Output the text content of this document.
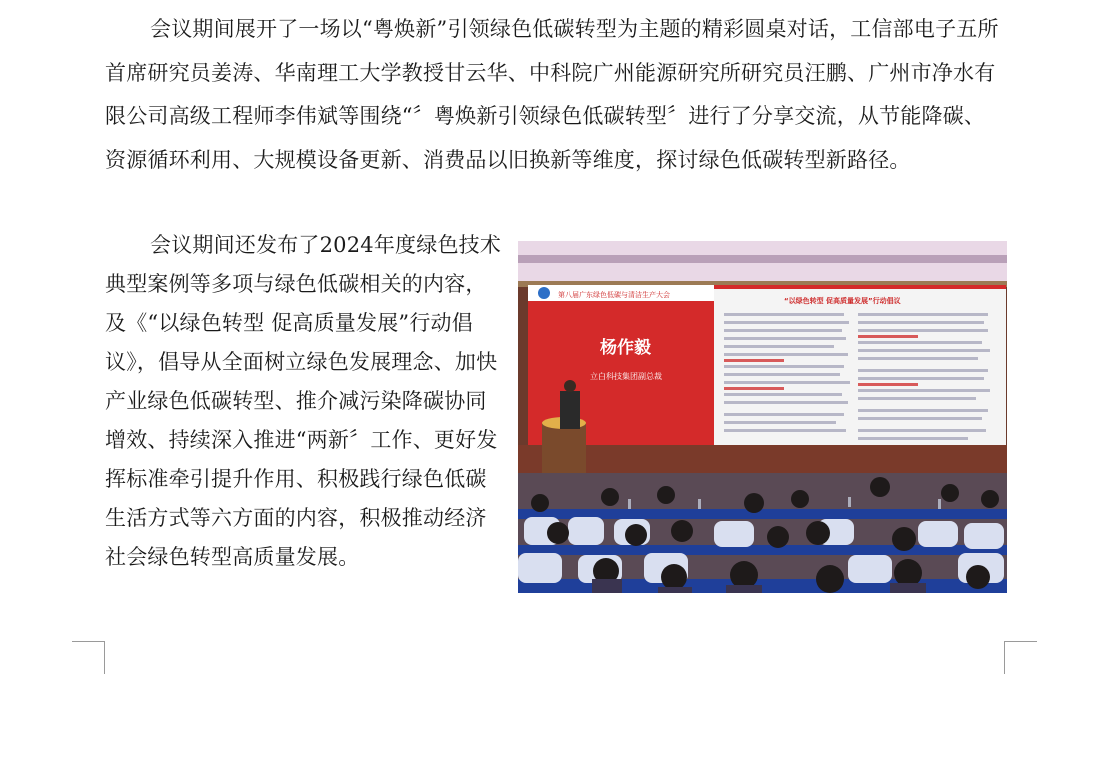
会议期间展开了一场以“粤焕新”引领绿色低碳转型为主题的精彩圆桌对话，工信部电子五所首席研究员姜涛、华南理工大学教授甘云华、中科院广州能源研究所研究员汪鹏、广州市净水有限公司高级工程师李伟斌等围绕“〞粤焕新引领绿色低碳转型〞进行了分享交流，从节能降碳、资源循环利用、大规模设备更新、消费品以旧换新等维度，探讨绿色低碳转型新路径。

会议期间还发布了2024年度绿色技术典型案例等多项与绿色低碳相关的内容，及《“以绿色转型 促高质量发展”行动倡议》，倡导从全面树立绿色发展理念、加快产业绿色低碳转型、推介减污染降碳协同增效、持续深入推进“两新〞工作、更好发挥标准牵引提升作用、积极践行绿色低碳生活方式等六方面的内容，积极推动经济社会绿色转型高质量发展。

第八届广东绿色低碳与清洁生产大会
杨作毅
立白科技集团副总裁
“以绿色转型 促高质量发展”行动倡议
